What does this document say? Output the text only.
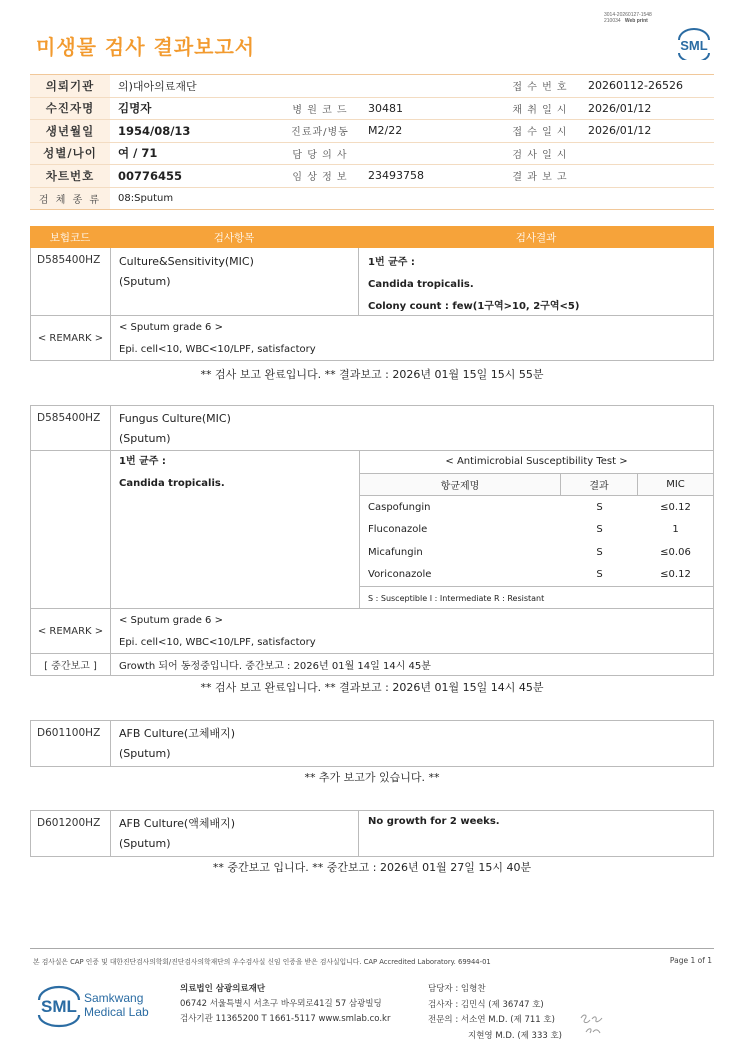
3014-20260127-1548
210034 Web print
미생물 검사 결과보고서	SML
의뢰기관	의)대아의료재단	접 수 번 호	20260112-26526
수진자명	김명자	병 원 코 드	30481	채 취 일 시	2026/01/12
생년월일	1954/08/13	진료과/병동	M2/22	접 수 일 시	2026/01/12
성별/나이	여 / 71	담 당 의 사	검 사 일 시
차트번호	00776455	임 상 정 보	23493758	결 과 보 고
검 체 종 류	08:Sputum
보험코드	검사항목	검사결과
D585400HZ	Culture&Sensitivity(MIC)
(Sputum)
1번 균주 :
Candida tropicalis.
Colony count : few(1구역>10, 2구역<5)
< REMARK >
< Sputum grade 6 >
Epi. cell<10, WBC<10/LPF, satisfactory
** 검사 보고 완료입니다. ** 결과보고 : 2026년 01월 15일 15시 55분
D585400HZ	Fungus Culture(MIC)
(Sputum)
1번 균주 :
Candida tropicalis.
< Antimicrobial Susceptibility Test >
항균제명	결과	MIC
Caspofungin	S	≤0.12
Fluconazole	S	1
Micafungin	S	≤0.06
Voriconazole	S	≤0.12
S : Susceptible I : Intermediate R : Resistant
< REMARK >
< Sputum grade 6 >
Epi. cell<10, WBC<10/LPF, satisfactory
[ 중간보고 ]	Growth 되어 동정중입니다. 중간보고 : 2026년 01월 14일 14시 45분
** 검사 보고 완료입니다. ** 결과보고 : 2026년 01월 15일 14시 45분
D601100HZ	AFB Culture(고체배지)
(Sputum)
** 추가 보고가 있습니다. **
D601200HZ	AFB Culture(액체배지)
(Sputum)
No growth for 2 weeks.
** 중간보고 입니다. ** 중간보고 : 2026년 01월 27일 15시 40분
본 검사실은 CAP 인증 및 대한진단검사의학회/진단검사의학재단의 우수검사실 신임 인증을 받은 검사실입니다. CAP Accredited Laboratory. 69944-01	Page 1 of 1
SML Samkwang
Medical Lab
의료법인 삼광의료재단
06742 서울특별시 서초구 바우뫼로41길 57 삼광빌딩
검사기관 11365200 T 1661-5117 www.smlab.co.kr
담당자 : 임형찬
검사자 : 김민식 (제 36747 호)
전문의 : 서소연 M.D. (제 711 호)
지현영 M.D. (제 333 호)
